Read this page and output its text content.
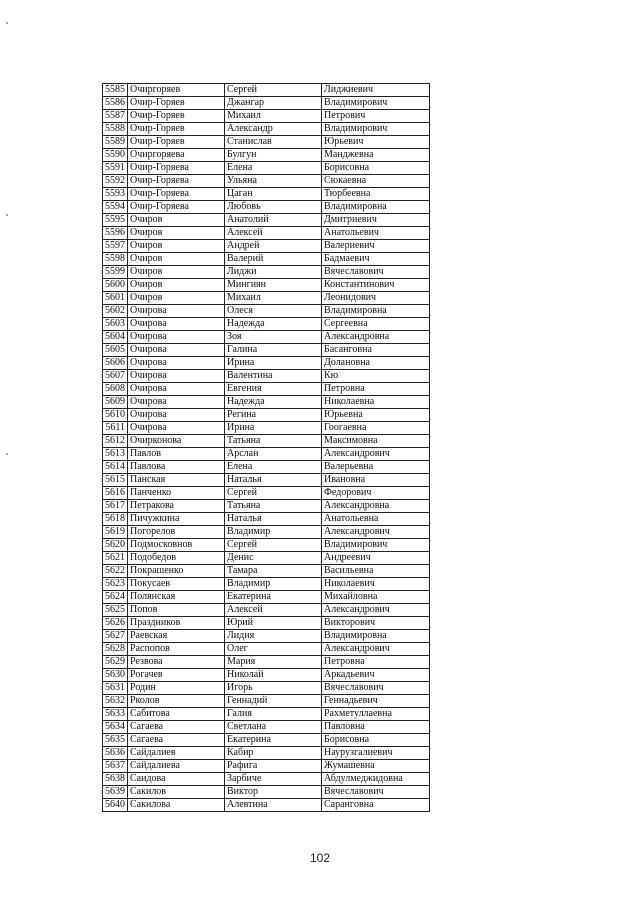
5585	Очиргоряев	Сергей	Лиджиевич
5586	Очир-Горяев	Джангар	Владимирович
5587	Очир-Горяев	Михаил	Петрович
5588	Очир-Горяев	Александр	Владимирович
5589	Очир-Горяев	Станислав	Юрьевич
5590	Очиргоряева	Булгун	Манджевна
5591	Очир-Горяева	Елена	Борисовна
5592	Очир-Горяева	Ульяна	Сюкаевна
5593	Очир-Горяева	Цаган	Тюрбеевна
5594	Очир-Горяева	Любовь	Владимировна
5595	Очиров	Анатолий	Дмитриевич
5596	Очиров	Алексей	Анатольевич
5597	Очиров	Андрей	Валериевич
5598	Очиров	Валерий	Бадмаевич
5599	Очиров	Лиджи	Вячеславович
5600	Очиров	Мингиян	Константинович
5601	Очиров	Михаил	Леонидович
5602	Очирова	Олеся	Владимировна
5603	Очирова	Надежда	Сергеевна
5604	Очирова	Зоя	Александровна
5605	Очирова	Галина	Басанговна
5606	Очирова	Ирина	Долановна
5607	Очирова	Валентина	Кю
5608	Очирова	Евгения	Петровна
5609	Очирова	Надежда	Николаевна
5610	Очирова	Регина	Юрьевна
5611	Очирова	Ирина	Гоогаевна
5612	Очирконова	Татьяна	Максимовна
5613	Павлов	Арслан	Александрович
5614	Павлова	Елена	Валерьевна
5615	Панская	Наталья	Ивановна
5616	Панченко	Сергей	Федорович
5617	Петракова	Татьяна	Александровна
5618	Пичужкина	Наталья	Анатольевна
5619	Погорелов	Владимир	Александрович
5620	Подмосковнов	Сергей	Владимирович
5621	Подобедов	Денис	Андреевич
5622	Покрашенко	Тамара	Васильевна
5623	Покусаев	Владимир	Николаевич
5624	Полянская	Екатерина	Михайловна
5625	Попов	Алексей	Александрович
5626	Праздников	Юрий	Викторович
5627	Раевская	Лидия	Владимировна
5628	Распопов	Олег	Александрович
5629	Резвова	Мария	Петровна
5630	Рогачев	Николай	Аркадьевич
5631	Родин	Игорь	Вячеславович
5632	Рколов	Геннадий	Геннадьевич
5633	Сабитова	Галия	Рахметуллаевна
5634	Сагаева	Светлана	Павловна
5635	Сагаева	Екатерина	Борисовна
5636	Сайдалиев	Кабир	Наурузгалиевич
5637	Сайдалиева	Рафига	Жумашевна
5638	Саидова	Зарбиче	Абдулмеджидовна
5639	Сакилов	Виктор	Вячеславович
5640	Сакилова	Алевтина	Сарангoвна
102
